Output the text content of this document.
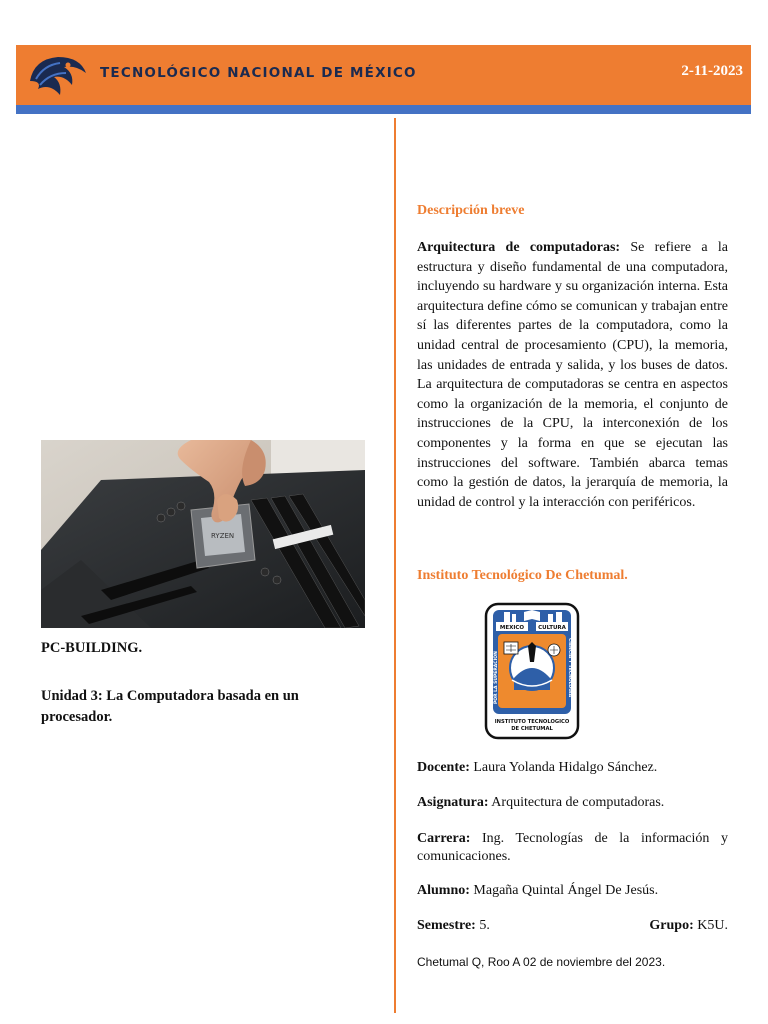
TECNOLÓGICO NACIONAL DE MÉXICO	2-11-2023
RYZEN
PC-BUILDING.
Unidad 3: La Computadora basada en un procesador.
Descripción breve

Arquitectura de computadoras: Se refiere a la estructura y diseño fundamental de una computadora, incluyendo su hardware y su organización interna. Esta arquitectura define cómo se comunican y trabajan entre sí las diferentes partes de la computadora, como la unidad central de procesamiento (CPU), la memoria, las unidades de entrada y salida, y los buses de datos. La arquitectura de computadoras se centra en aspectos como la organización de la memoria, el conjunto de instrucciones de la CPU, la interconexión de los componentes y la forma en que se ejecutan las instrucciones del software. También abarca temas como la gestión de datos, la jerarquía de memoria, la unidad de control y la interacción con periféricos.

Instituto Tecnológico De Chetumal.
MEXICO	CULTURA
POR LA SUPERACION	CIENCIA Y TECNOLOGIA
INSTITUTO TECNOLOGICO
DE CHETUMAL

Docente: Laura Yolanda Hidalgo Sánchez.

Asignatura: Arquitectura de computadoras.

Carrera: Ing. Tecnologías de la información y comunicaciones.

Alumno: Magaña Quintal Ángel De Jesús.

Semestre: 5.	Grupo: K5U.
Chetumal Q, Roo A 02 de noviembre del 2023.
